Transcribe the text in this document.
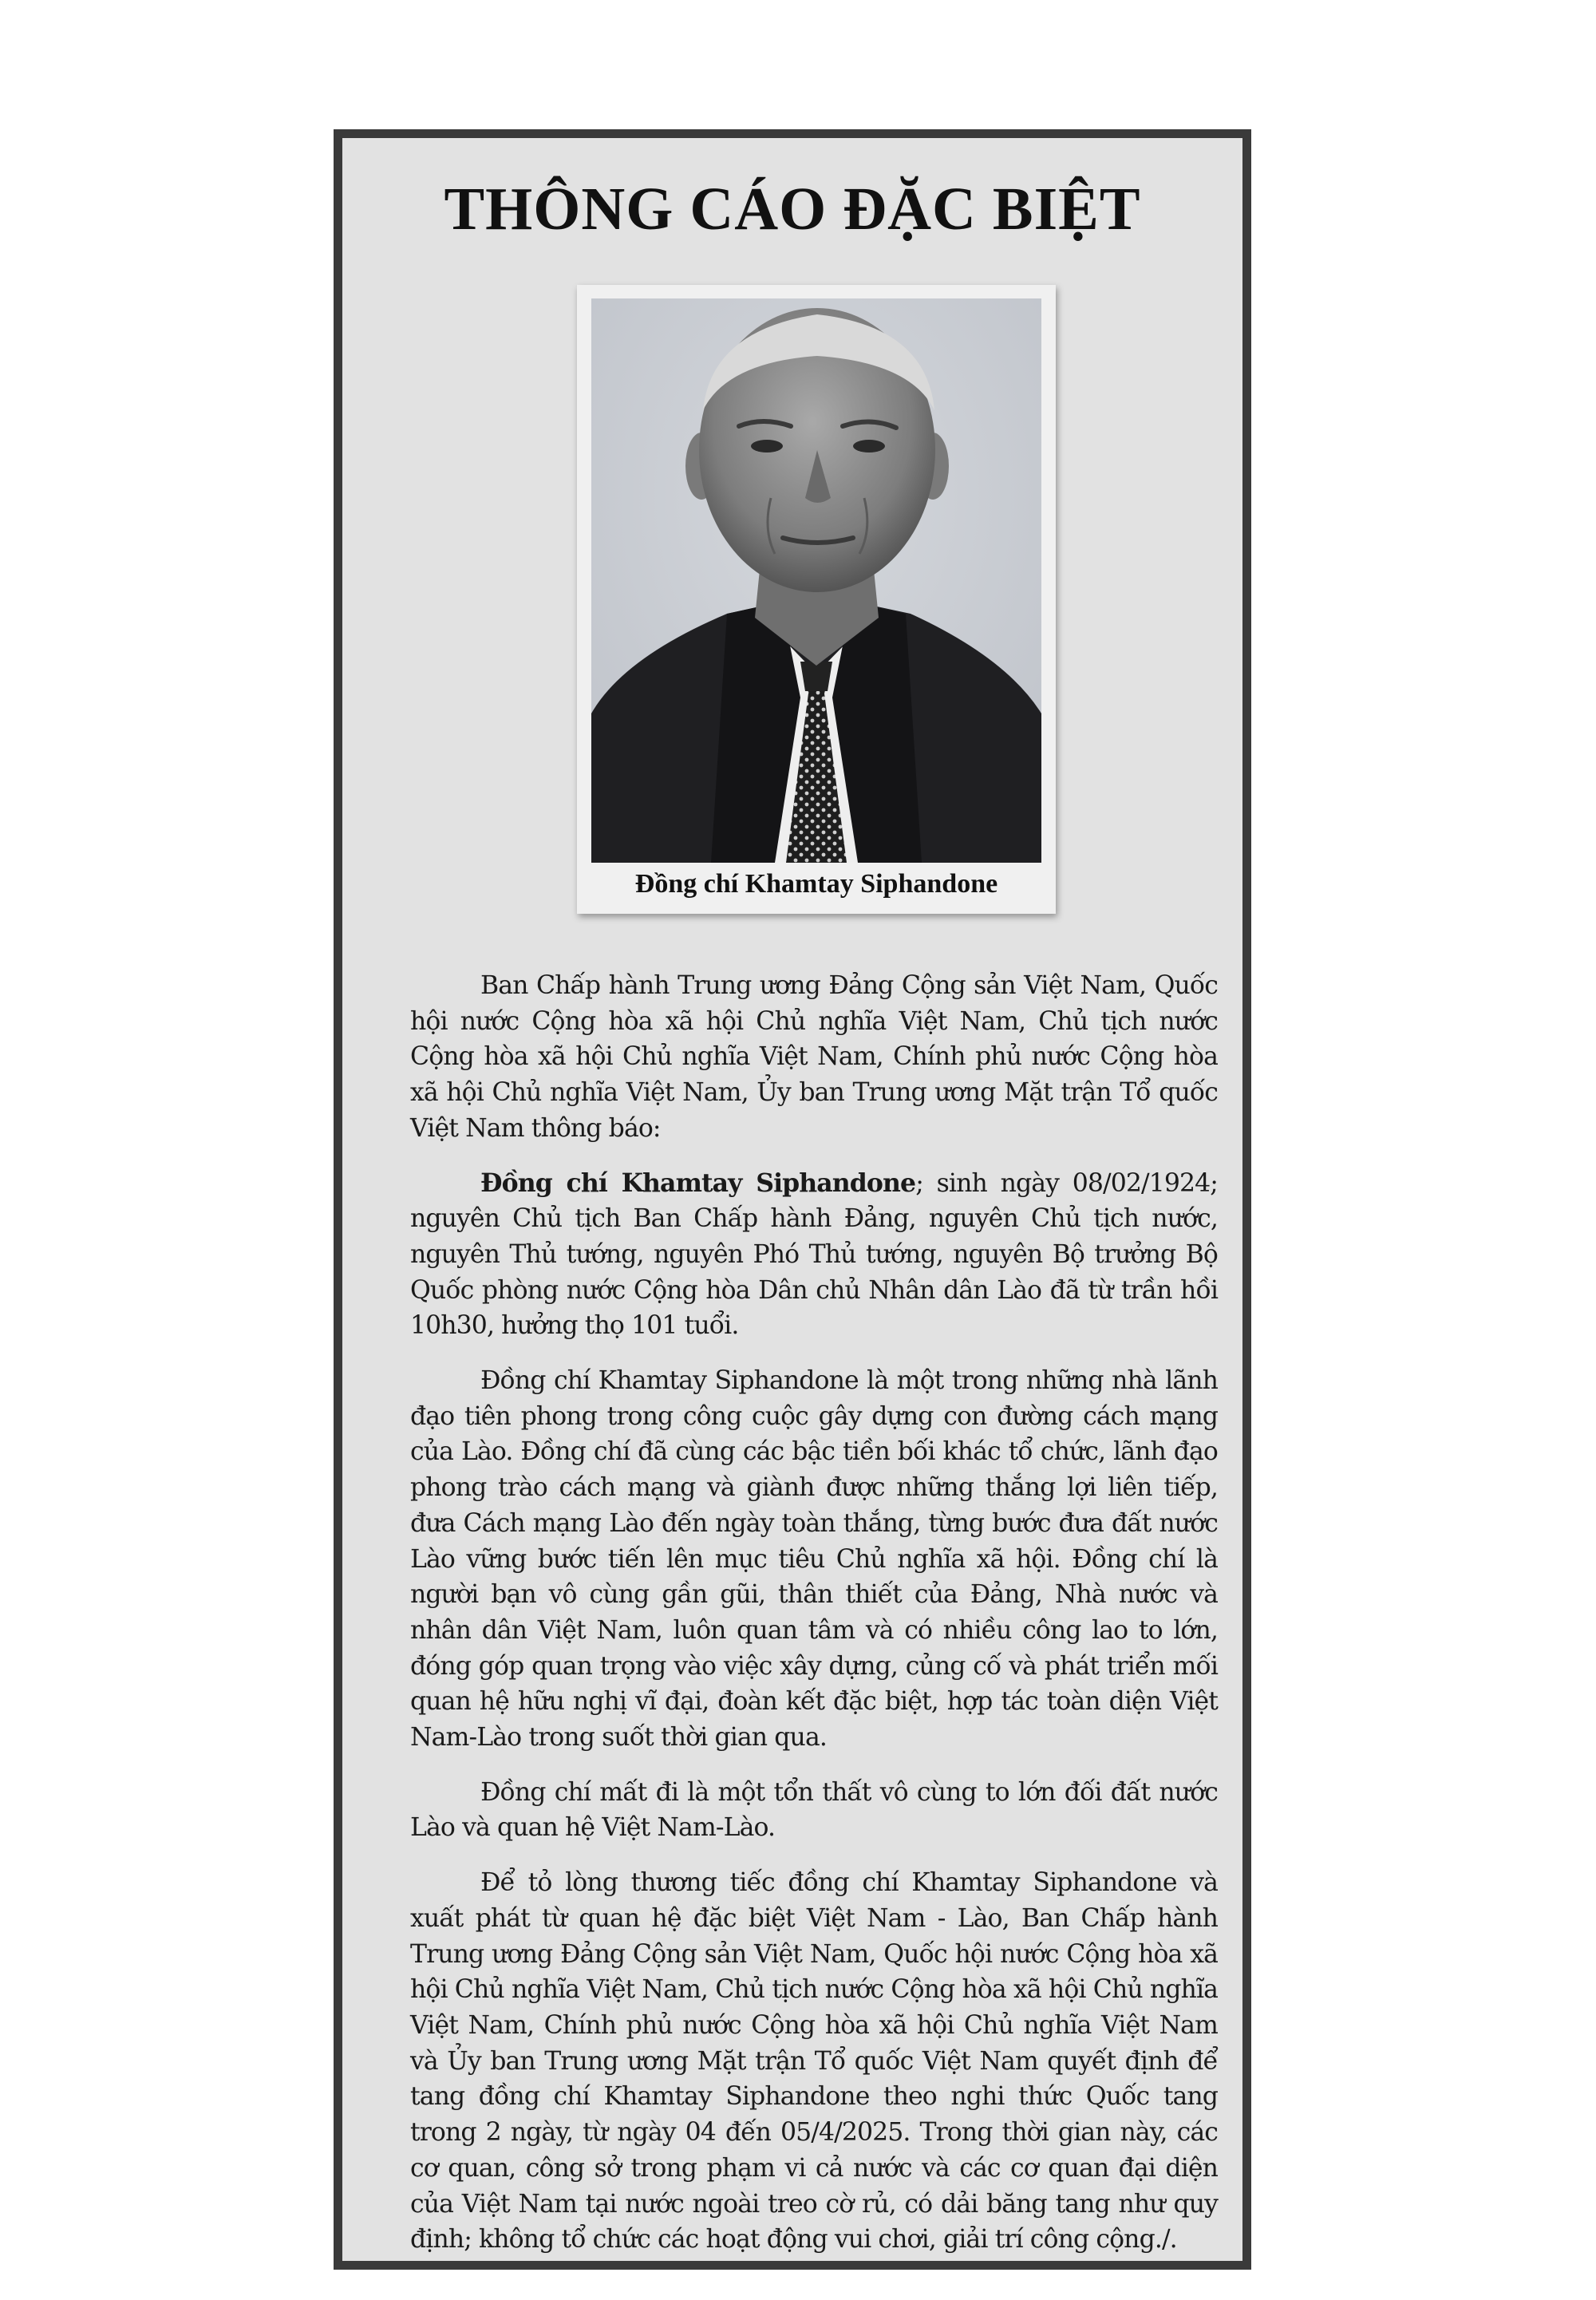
THÔNG CÁO ĐẶC BIỆT
Đồng chí Khamtay Siphandone

Ban Chấp hành Trung ương Đảng Cộng sản Việt Nam, Quốc hội nước Cộng hòa xã hội Chủ nghĩa Việt Nam, Chủ tịch nước Cộng hòa xã hội Chủ nghĩa Việt Nam, Chính phủ nước Cộng hòa xã hội Chủ nghĩa Việt Nam, Ủy ban Trung ương Mặt trận Tổ quốc Việt Nam thông báo:

Đồng chí Khamtay Siphandone; sinh ngày 08/02/1924; nguyên Chủ tịch Ban Chấp hành Đảng, nguyên Chủ tịch nước, nguyên Thủ tướng, nguyên Phó Thủ tướng, nguyên Bộ trưởng Bộ Quốc phòng nước Cộng hòa Dân chủ Nhân dân Lào đã từ trần hồi 10h30, hưởng thọ 101 tuổi.

Đồng chí Khamtay Siphandone là một trong những nhà lãnh đạo tiên phong trong công cuộc gây dựng con đường cách mạng của Lào. Đồng chí đã cùng các bậc tiền bối khác tổ chức, lãnh đạo phong trào cách mạng và giành được những thắng lợi liên tiếp, đưa Cách mạng Lào đến ngày toàn thắng, từng bước đưa đất nước Lào vững bước tiến lên mục tiêu Chủ nghĩa xã hội. Đồng chí là người bạn vô cùng gần gũi, thân thiết của Đảng, Nhà nước và nhân dân Việt Nam, luôn quan tâm và có nhiều công lao to lớn, đóng góp quan trọng vào việc xây dựng, củng cố và phát triển mối quan hệ hữu nghị vĩ đại, đoàn kết đặc biệt, hợp tác toàn diện Việt Nam-Lào trong suốt thời gian qua.

Đồng chí mất đi là một tổn thất vô cùng to lớn đối đất nước Lào và quan hệ Việt Nam-Lào.

Để tỏ lòng thương tiếc đồng chí Khamtay Siphandone và xuất phát từ quan hệ đặc biệt Việt Nam - Lào, Ban Chấp hành Trung ương Đảng Cộng sản Việt Nam, Quốc hội nước Cộng hòa xã hội Chủ nghĩa Việt Nam, Chủ tịch nước Cộng hòa xã hội Chủ nghĩa Việt Nam, Chính phủ nước Cộng hòa xã hội Chủ nghĩa Việt Nam và Ủy ban Trung ương Mặt trận Tổ quốc Việt Nam quyết định để tang đồng chí Khamtay Siphandone theo nghi thức Quốc tang trong 2 ngày, từ ngày 04 đến 05/4/2025. Trong thời gian này, các cơ quan, công sở trong phạm vi cả nước và các cơ quan đại diện của Việt Nam tại nước ngoài treo cờ rủ, có dải băng tang như quy định; không tổ chức các hoạt động vui chơi, giải trí công cộng./.
